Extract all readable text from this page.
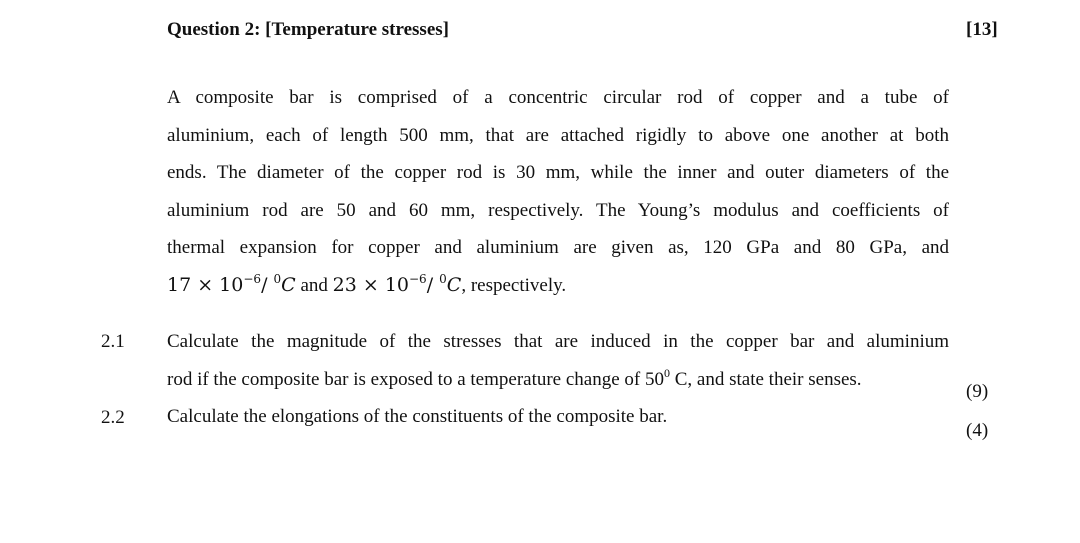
Question 2: [Temperature stresses]	[13]
A composite bar is comprised of a concentric circular rod of copper and a tube of
aluminium, each of length 500 mm, that are attached rigidly to above one another at both
ends. The diameter of the copper rod is 30 mm, while the inner and outer diameters of the
aluminium rod are 50 and 60 mm, respectively. The Young’s modulus and coefficients of
thermal expansion for copper and aluminium are given as, 120 GPa and 80 GPa, and
$17 \times 10^{-6}/$ $^0$C and $23 \times 10^{-6}/$ $^0$C, respectively.
2.1 Calculate the magnitude of the stresses that are induced in the copper bar and aluminium
rod if the composite bar is exposed to a temperature change of $50^0$ C, and state their senses.
(9)
2.2 Calculate the elongations of the constituents of the composite bar.
(4)
